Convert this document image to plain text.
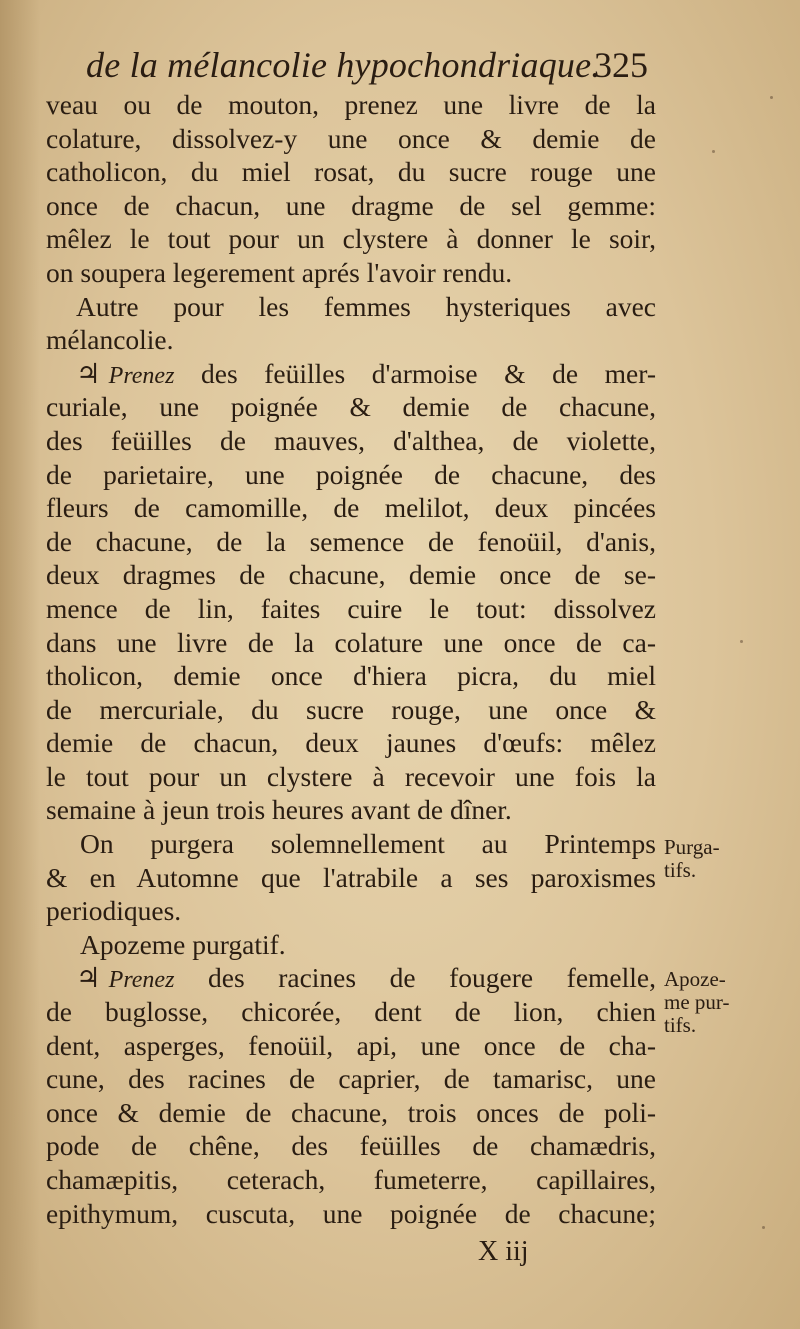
de la mélancolie hypochondriaque.
325
veau ou de mouton, prenez une livre de la
colature, dissolvez-y une once & demie de
catholicon, du miel rosat, du sucre rouge une
once de chacun, une dragme de sel gemme:
mêlez le tout pour un clystere à donner le soir,
on soupera legerement aprés l'avoir rendu.
Autre pour les femmes hysteriques avec
mélancolie.
♃ Prenez des feüilles d'armoise & de mer-
curiale, une poignée & demie de chacune,
des feüilles de mauves, d'althea, de violette,
de parietaire, une poignée de chacune, des
fleurs de camomille, de melilot, deux pincées
de chacune, de la semence de fenoüil, d'anis,
deux dragmes de chacune, demie once de se-
mence de lin, faites cuire le tout: dissolvez
dans une livre de la colature une once de ca-
tholicon, demie once d'hiera picra, du miel
de mercuriale, du sucre rouge, une once &
demie de chacun, deux jaunes d'œufs: mêlez
le tout pour un clystere à recevoir une fois la
semaine à jeun trois heures avant de dîner.
On purgera solemnellement au Printemps
& en Automne que l'atrabile a ses paroxismes
periodiques.
Apozeme purgatif.
♃ Prenez des racines de fougere femelle,
de buglosse, chicorée, dent de lion, chien
dent, asperges, fenoüil, api, une once de cha-
cune, des racines de caprier, de tamarisc, une
once & demie de chacune, trois onces de poli-
pode de chêne, des feüilles de chamædris,
chamæpitis, ceterach, fumeterre, capillaires,
epithymum, cuscuta, une poignée de chacune;
Purga-
tifs.
Apoze-
me pur-
tifs.
X iij
